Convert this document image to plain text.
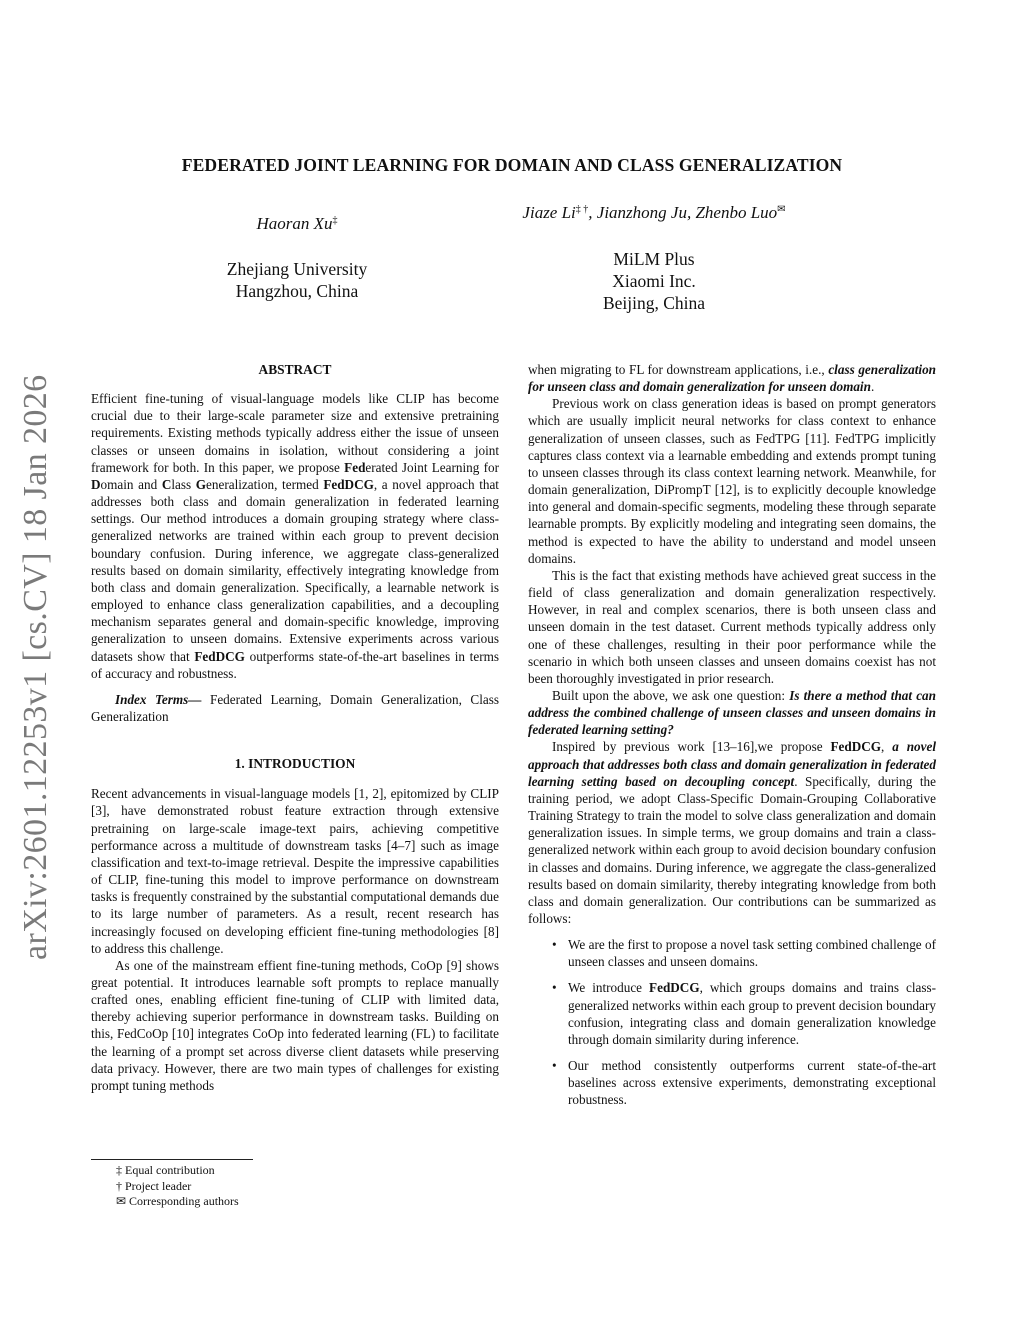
arXiv:2601.12253v1 [cs.CV] 18 Jan 2026
FEDERATED JOINT LEARNING FOR DOMAIN AND CLASS GENERALIZATION
Haoran Xu‡
Zhejiang University
Hangzhou, China
Jiaze Li‡ †, Jianzhong Ju, Zhenbo Luo✉
MiLM Plus
Xiaomi Inc.
Beijing, China

ABSTRACT

Efficient fine-tuning of visual-language models like CLIP has become crucial due to their large-scale parameter size and extensive pretraining requirements. Existing methods typically address either the issue of unseen classes or unseen domains in isolation, without considering a joint framework for both. In this paper, we propose Federated Joint Learning for Domain and Class Generalization, termed FedDCG, a novel approach that addresses both class and domain generalization in federated learning settings. Our method introduces a domain grouping strategy where class-generalized networks are trained within each group to prevent decision boundary confusion. During inference, we aggregate class-generalized results based on domain similarity, effectively integrating knowledge from both class and domain generalization. Specifically, a learnable network is employed to enhance class generalization capabilities, and a decoupling mechanism separates general and domain-specific knowledge, improving generalization to unseen domains. Extensive experiments across various datasets show that FedDCG outperforms state-of-the-art baselines in terms of accuracy and robustness.

Index Terms— Federated Learning, Domain Generalization, Class Generalization

1. INTRODUCTION

Recent advancements in visual-language models [1, 2], epitomized by CLIP [3], have demonstrated robust feature extraction through extensive pretraining on large-scale image-text pairs, achieving competitive performance across a multitude of downstream tasks [4–7] such as image classification and text-to-image retrieval. Despite the impressive capabilities of CLIP, fine-tuning this model to improve performance on downstream tasks is frequently constrained by the substantial computational demands due to its large number of parameters. As a result, recent research has increasingly focused on developing efficient fine-tuning methodologies [8] to address this challenge.

As one of the mainstream effient fine-tuning methods, CoOp [9] shows great potential. It introduces learnable soft prompts to replace manually crafted ones, enabling efficient fine-tuning of CLIP with limited data, thereby achieving superior performance in downstream tasks. Building on this, FedCoOp [10] integrates CoOp into federated learning (FL) to facilitate the learning of a prompt set across diverse client datasets while preserving data privacy. However, there are two main types of challenges for existing prompt tuning methods

‡ Equal contribution
† Project leader
✉ Corresponding authors

when migrating to FL for downstream applications, i.e., class generalization for unseen class and domain generalization for unseen domain.

Previous work on class generation ideas is based on prompt generators which are usually implicit neural networks for class context to enhance generalization of unseen classes, such as FedTPG [11]. FedTPG implicitly captures class context via a learnable embedding and extends prompt tuning to unseen classes through its class context learning network. Meanwhile, for domain generalization, DiPrompT [12], is to explicitly decouple knowledge into general and domain-specific segments, modeling these through separate learnable prompts. By explicitly modeling and integrating seen domains, the method is expected to have the ability to understand and model unseen domains.

This is the fact that existing methods have achieved great success in the field of class generalization and domain generalization respectively. However, in real and complex scenarios, there is both unseen class and unseen domain in the test dataset. Current methods typically address only one of these challenges, resulting in their poor performance while the scenario in which both unseen classes and unseen domains coexist has not been thoroughly investigated in prior research.

Built upon the above, we ask one question: Is there a method that can address the combined challenge of unseen classes and unseen domains in federated learning setting?

Inspired by previous work [13–16],we propose FedDCG, a novel approach that addresses both class and domain generalization in federated learning setting based on decoupling concept. Specifically, during the training period, we adopt Class-Specific Domain-Grouping Collaborative Training Strategy to train the model to solve class generalization and domain generalization issues. In simple terms, we group domains and train a class-generalized network within each group to avoid decision boundary confusion in classes and domains. During inference, we aggregate the class-generalized results based on domain similarity, thereby integrating knowledge from both class and domain generalization. Our contributions can be summarized as follows:

• We are the first to propose a novel task setting combined challenge of unseen classes and unseen domains.
• We introduce FedDCG, which groups domains and trains class-generalized networks within each group to prevent decision boundary confusion, integrating class and domain generalization knowledge through domain similarity during inference.
• Our method consistently outperforms current state-of-the-art baselines across extensive experiments, demonstrating exceptional robustness.
